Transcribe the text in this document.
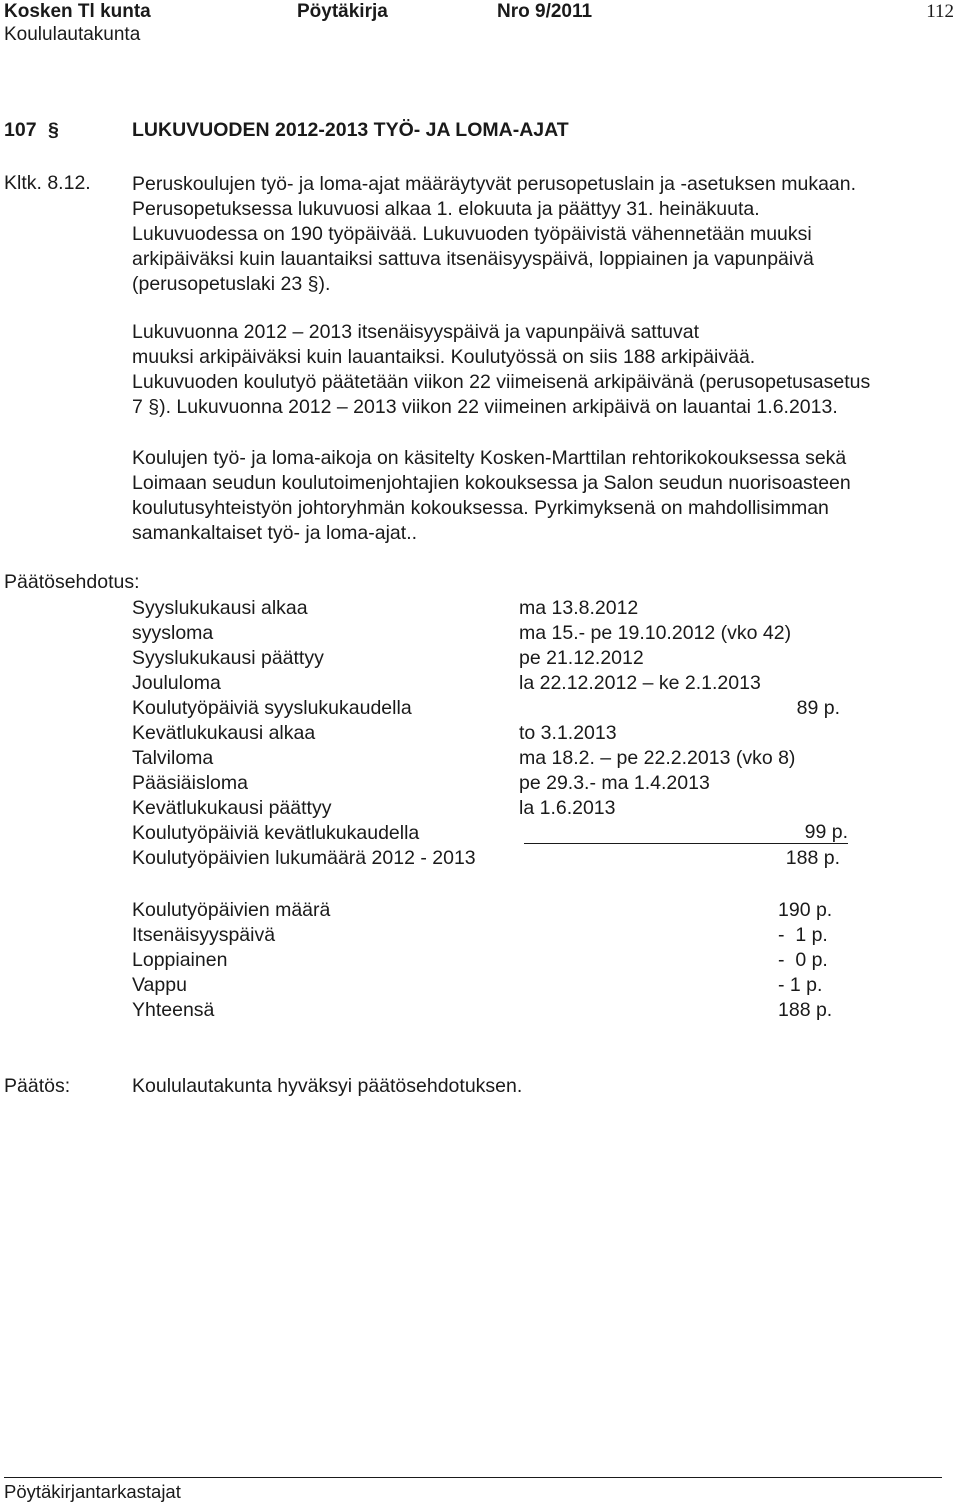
Kosken Tl kunta	Pöytäkirja	Nro 9/2011	112
Koululautakunta
107 §	LUKUVUODEN 2012-2013 TYÖ- JA LOMA-AJAT
Kltk. 8.12. Peruskoulujen työ- ja loma-ajat määräytyvät perusopetuslain ja -asetuksen mukaan.
Perusopetuksessa lukuvuosi alkaa 1. elokuuta ja päättyy 31. heinäkuuta.
Lukuvuodessa on 190 työpäivää. Lukuvuoden työpäivistä vähennetään muuksi
arkipäiväksi kuin lauantaiksi sattuva itsenäisyyspäivä, loppiainen ja vapunpäivä
(perusopetuslaki 23 §).
Lukuvuonna 2012 – 2013 itsenäisyyspäivä ja vapunpäivä sattuvat
muuksi arkipäiväksi kuin lauantaiksi. Koulutyössä on siis 188 arkipäivää.
Lukuvuoden koulutyö päätetään viikon 22 viimeisenä arkipäivänä (perusopetusasetus
7 §). Lukuvuonna 2012 – 2013 viikon 22 viimeinen arkipäivä on lauantai 1.6.2013.
Koulujen työ- ja loma-aikoja on käsitelty Kosken-Marttilan rehtorikokouksessa sekä
Loimaan seudun koulutoimenjohtajien kokouksessa ja Salon seudun nuorisoasteen
koulutusyhteistyön johtoryhmän kokouksessa. Pyrkimyksenä on mahdollisimman
samankaltaiset työ- ja loma-ajat..
Päätösehdotus:
Syyslukukausi alkaa	ma 13.8.2012
syysloma	ma 15.- pe 19.10.2012 (vko 42)
Syyslukukausi päättyy	pe 21.12.2012
Joululoma	la 22.12.2012 – ke 2.1.2013
Koulutyöpäiviä syyslukukaudella	89 p.
Kevätlukukausi alkaa	to 3.1.2013
Talviloma	ma 18.2. – pe 22.2.2013 (vko 8)
Pääsiäisloma	pe 29.3.- ma 1.4.2013
Kevätlukukausi päättyy	la 1.6.2013
Koulutyöpäiviä kevätlukukaudella	99 p.
Koulutyöpäivien lukumäärä 2012 - 2013	188 p.
Koulutyöpäivien määrä	190 p.
Itsenäisyyspäivä	-  1 p.
Loppiainen	-  0 p.
Vappu	- 1 p.
Yhteensä	188 p.
Päätös:	Koululautakunta hyväksyi päätösehdotuksen.
Pöytäkirjantarkastajat
